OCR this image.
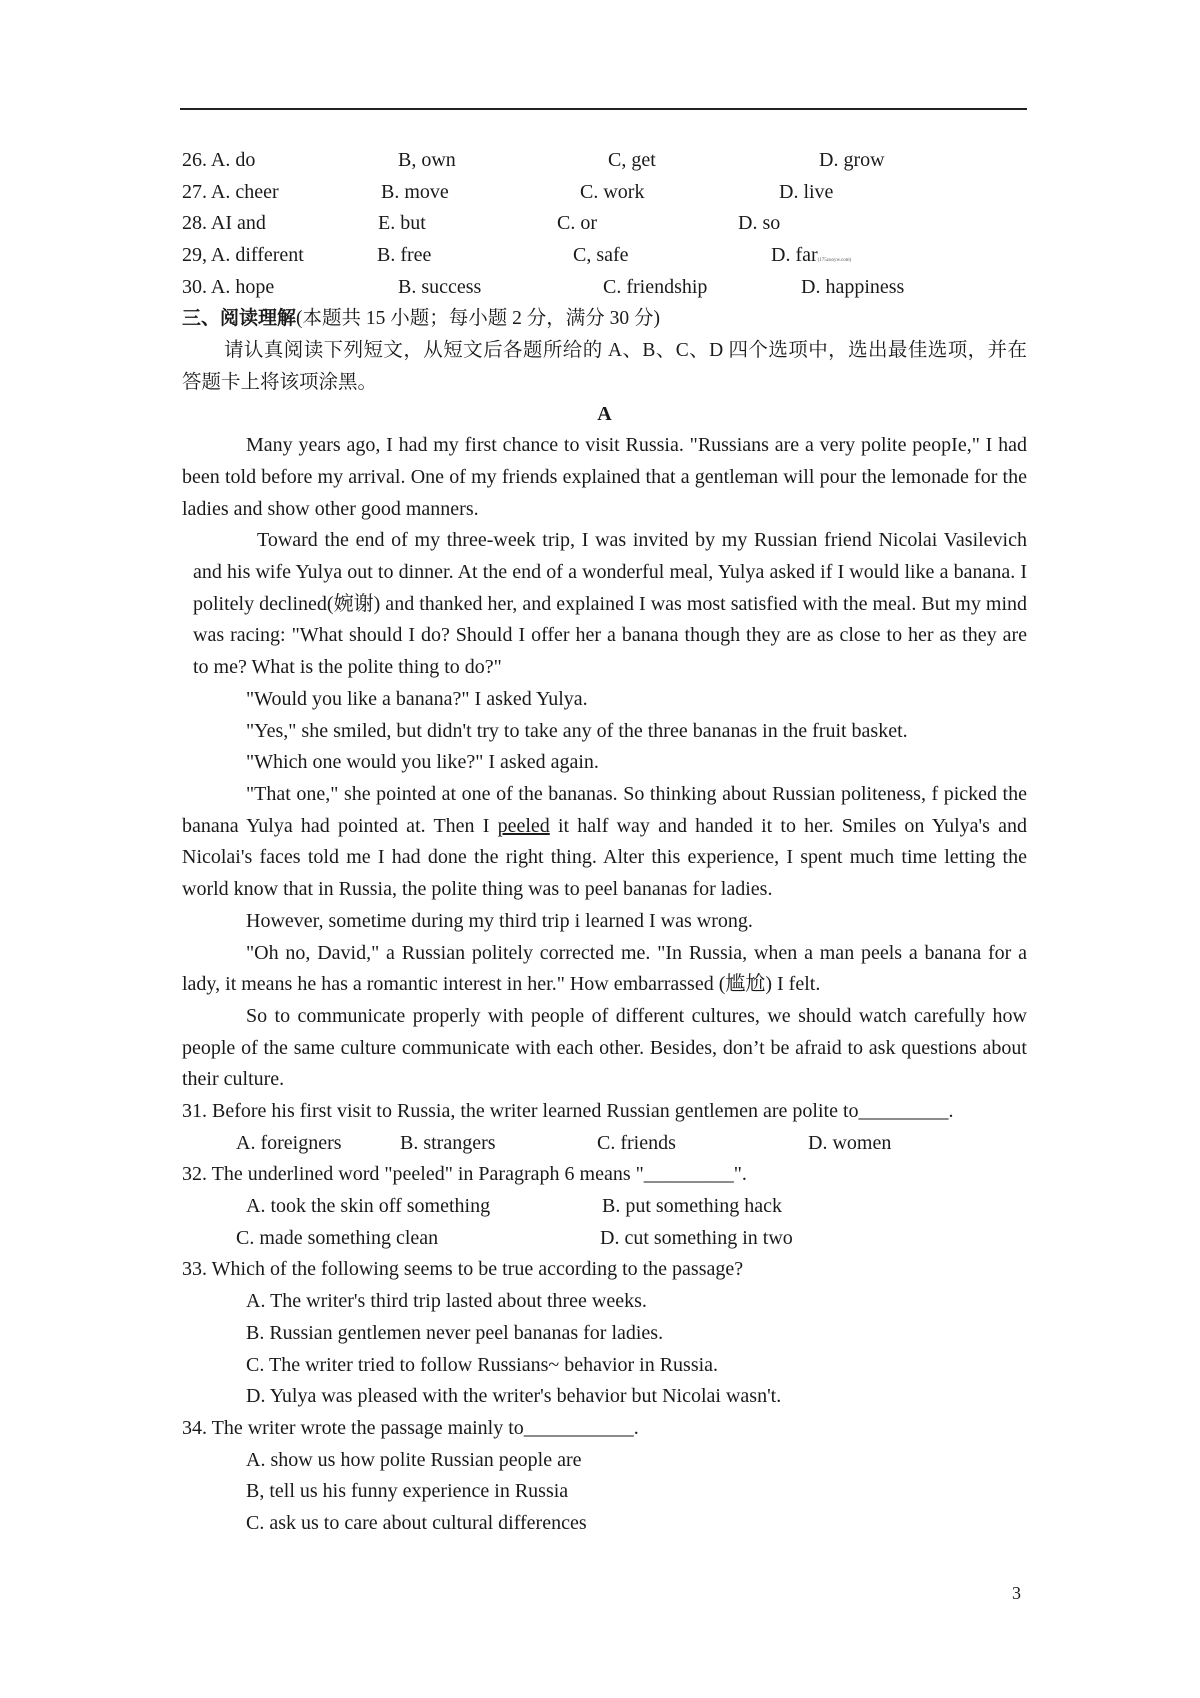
26. A. do	B, own	C, get	D. grow
27. A. cheer	B. move	C. work	D. live
28. AI and	E. but	C. or	D. so
29, A. different	B. free	C, safe	D. far(175zuoyw.com)
30. A. hope	B. success	C. friendship	D. happiness

三、阅读理解(本题共 15 小题；每小题 2 分，满分 30 分)

请认真阅读下列短文，从短文后各题所给的 A、B、C、D 四个选项中，选出最佳选项，并在答题卡上将该项涂黑。

A

Many years ago, I had my first chance to visit Russia. "Russians are a very polite peopIe," I had been told before my arrival. One of my friends explained that a gentleman will pour the lemonade for the ladies and show other good manners.

Toward the end of my three-week trip, I was invited by my Russian friend Nicolai Vasilevich and his wife Yulya out to dinner. At the end of a wonderful meal, Yulya asked if I would like a banana. I politely declined(婉谢) and thanked her, and explained I was most satisfied with the meal. But my mind was racing: "What should I do? Should I offer her a banana though they are as close to her as they are to me? What is the polite thing to do?"

"Would you like a banana?" I asked Yulya.

"Yes," she smiled, but didn't try to take any of the three bananas in the fruit basket.

"Which one would you like?" I asked again.

"That one," she pointed at one of the bananas. So thinking about Russian politeness, f picked the banana Yulya had pointed at. Then I peeled it half way and handed it to her. Smiles on Yulya's and Nicolai's faces told me I had done the right thing. Alter this experience, I spent much time letting the world know that in Russia, the polite thing was to peel bananas for ladies.

However, sometime during my third trip i learned I was wrong.

"Oh no, David," a Russian politely corrected me. "In Russia, when a man peels a banana for a lady, it means he has a romantic interest in her." How embarrassed (尴尬) I felt.

So to communicate properly with people of different cultures, we should watch carefully how people of the same culture communicate with each other. Besides, don’t be afraid to ask questions about their culture.

31. Before his first visit to Russia, the writer learned Russian gentlemen are polite to_________.

A. foreigners	B. strangers	C. friends	D. women

32. The underlined word "peeled" in Paragraph 6 means "_________".

A. took the skin off something	B. put something hack
C. made something clean	D. cut something in two

33. Which of the following seems to be true according to the passage?

A. The writer's third trip lasted about three weeks.

B. Russian gentlemen never peel bananas for ladies.

C. The writer tried to follow Russians~ behavior in Russia.

D. Yulya was pleased with the writer's behavior but Nicolai wasn't.

34. The writer wrote the passage mainly to___________.

A. show us how polite Russian people are

B, tell us his funny experience in Russia

C. ask us to care about cultural differences

3
